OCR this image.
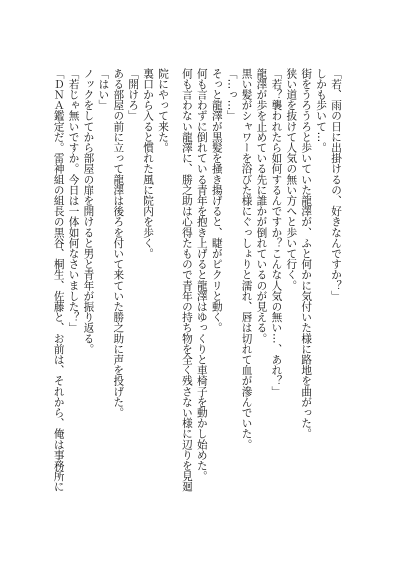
「若、雨の日に出掛けるの、好きなんですか？」

しかも歩いて…。

街をうろうろと歩いていた龍澤が、ふと何かに気付いた様に路地を曲がった。

狭い道を抜けて人気の無い方へと歩いて行く。

「若？襲われたら如何するんですか？こんな人気の無い…、あれ？」

龍澤が歩を止めている先に誰かが倒れているのが見える。

黒い髪がシャワーを浴びた様にぐっしょりと濡れ、唇は切れて血が滲んでいた。

「…っ…」

そっと龍澤が黒髪を掻き揚げると、睫がピクリと動く。

何も言わずに倒れている青年を抱き上げると龍澤はゆっくりと車椅子を動かし始めた。

何も言わない龍澤に、勝之助は心得たもので青年の持ち物を全く残さない様に辺りを見廻

院にやって来た。

裏口から入ると慣れた風に院内を歩く。

「開けろ」

ある部屋の前に立って龍澤は後ろを付いて来ていた勝之助に声を投げた。

「はい」

ノックをしてから部屋の扉を開けると男と青年が振り返る。

「若じゃ無いですか。今日は一体如何なさいました？」

「ＤＮＡ鑑定だ。雷神組の組長の黒谷、桐生、佐藤と、お前は、それから、俺は事務所に
